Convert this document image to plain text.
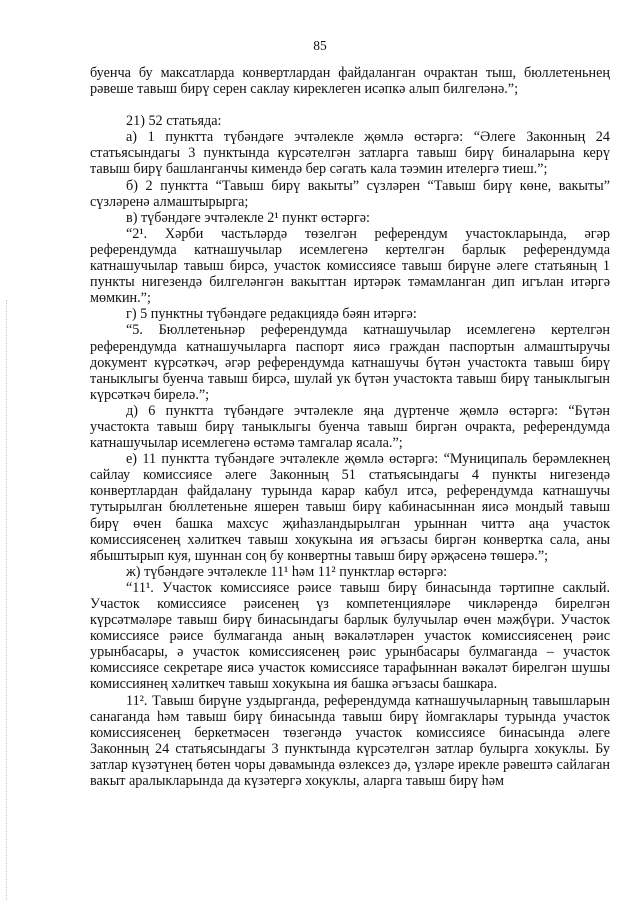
85

буенча бу максатларда конвертлардан файдаланган очрактан тыш, бюллетеньнең рәвеше тавыш бирү серен саклау киреклеген исәпкә алып билгеләнә.”;

21) 52 статьяда:

а) 1 пунктта түбәндәге эчтәлекле җөмлә өстәргә: “Әлеге Законның 24 статьясындагы 3 пунктында күрсәтелгән затларга тавыш бирү биналарына керү тавыш бирү башланганчы кимендә бер сәгать кала тәэмин ителергә тиеш.”;

б) 2 пунктта “Тавыш бирү вакыты” сүзләрен “Тавыш бирү көне, вакыты” сүзләренә алмаштырырга;

в) түбәндәге эчтәлекле 2¹ пункт өстәргә:

“2¹. Хәрби частьләрдә төзелгән референдум участокларында, әгәр референдумда катнашучылар исемлегенә кертелгән барлык референдумда катнашучылар тавыш бирсә, участок комиссиясе тавыш бирүне әлеге статьяның 1 пункты нигезендә билгеләнгән вакыттан иртәрәк тәмамланган дип игълан итәргә мөмкин.”;

г) 5 пунктны түбәндәге редакциядә бәян итәргә:

“5. Бюллетеньнәр референдумда катнашучылар исемлегенә кертелгән референдумда катнашучыларга паспорт яисә граждан паспортын алмаштыручы документ күрсәткәч, әгәр референдумда катнашучы бүтән участокта тавыш бирү таныклыгы буенча тавыш бирсә, шулай ук бүтән участокта тавыш бирү таныклыгын күрсәткәч бирелә.”;

д) 6 пунктта түбәндәге эчтәлекле яңа дүртенче җөмлә өстәргә: “Бүтән участокта тавыш бирү таныклыгы буенча тавыш биргән очракта, референдумда катнашучылар исемлегенә өстәмә тамгалар ясала.”;

е) 11 пунктта түбәндәге эчтәлекле җөмлә өстәргә: “Муниципаль берәмлекнең сайлау комиссиясе әлеге Законның 51 статьясындагы 4 пункты нигезендә конвертлардан файдалану турында карар кабул итсә, референдумда катнашучы тутырылган бюллетеньне яшерен тавыш бирү кабинасыннан яисә мондый тавыш бирү өчен башка махсус җиһазландырылган урыннан читтә аңа участок комиссиясенең хәлиткеч тавыш хокукына ия әгъзасы биргән конвертка сала, аны ябыштырып куя, шуннан соң бу конвертны тавыш бирү әрҗәсенә төшерә.”;

ж) түбәндәге эчтәлекле 11¹ һәм 11² пунктлар өстәргә:

“11¹. Участок комиссиясе рәисе тавыш бирү бинасында тәртипне саклый. Участок комиссиясе рәисенең үз компетенцияләре чикләрендә бирелгән күрсәтмәләре тавыш бирү бинасындагы барлык булучылар өчен мәҗбүри. Участок комиссиясе рәисе булмаганда аның вәкаләтләрен участок комиссиясенең рәис урынбасары, ә участок комиссиясенең рәис урынбасары булмаганда – участок комиссиясе секретаре яисә участок комиссиясе тарафыннан вәкаләт бирелгән шушы комиссиянең хәлиткеч тавыш хокукына ия башка әгъзасы башкара.

11². Тавыш бирүне уздырганда, референдумда катнашучыларның тавышларын санаганда һәм тавыш бирү бинасында тавыш бирү йомгаклары турында участок комиссиясенең беркетмәсен төзегәндә участок комиссиясе бинасында әлеге Законның 24 статьясындагы 3 пунктында күрсәтелгән затлар булырга хокуклы. Бу затлар күзәтүнең бөтен чоры дәвамында өзлексез дә, үзләре ирекле рәвештә сайлаган вакыт аралыкларында да күзәтергә хокуклы, аларга тавыш бирү һәм
